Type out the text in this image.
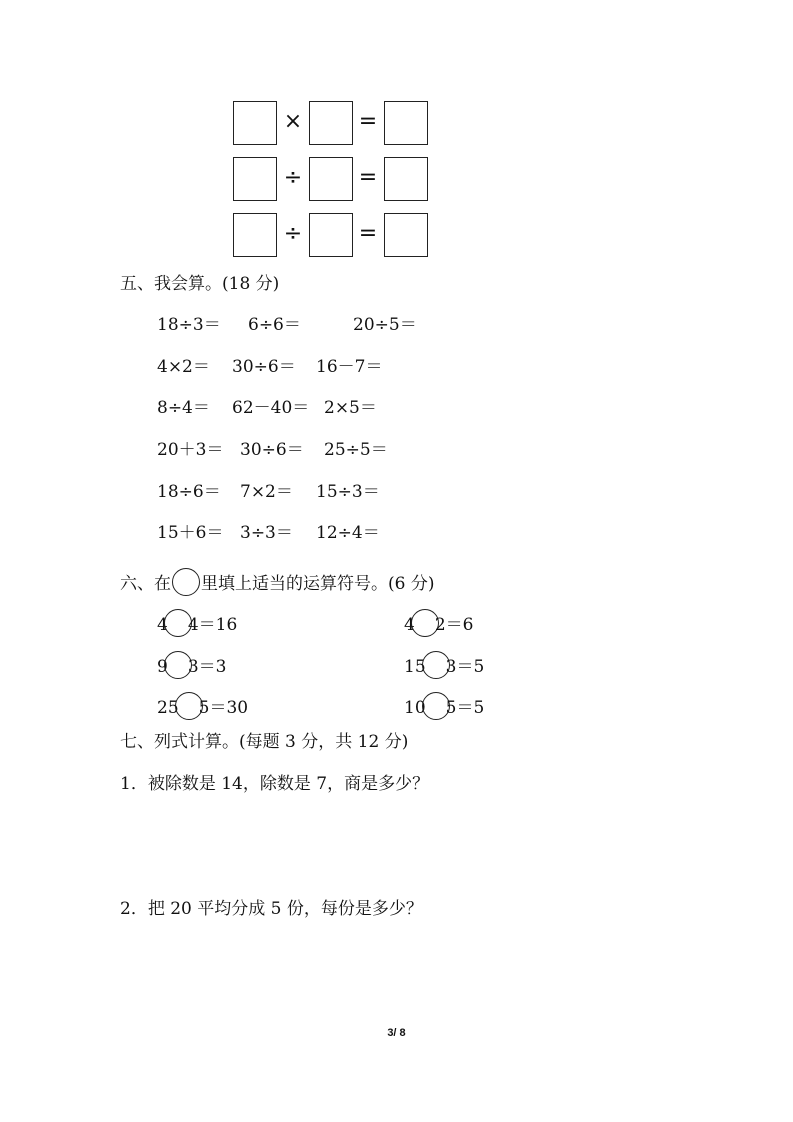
×	=
÷	=
÷	=
五、我会算。(18 分)
18÷3＝ 6÷6＝	20÷5＝
4×2＝ 30÷6＝ 16－7＝
8÷4＝ 62－40＝ 2×5＝
20＋3＝ 30÷6＝ 25÷5＝
18÷6＝ 7×2＝ 15÷3＝
15＋6＝ 3÷3＝ 12÷4＝
六、在 里填上适当的运算符号。(6 分)
4 4＝16	4 2＝6
9 3＝3	15 3＝5
25 5＝30	10 5＝5
七、列式计算。(每题 3 分，共 12 分)
1．被除数是 14，除数是 7，商是多少？
2．把 20 平均分成 5 份，每份是多少？
3/ 8
